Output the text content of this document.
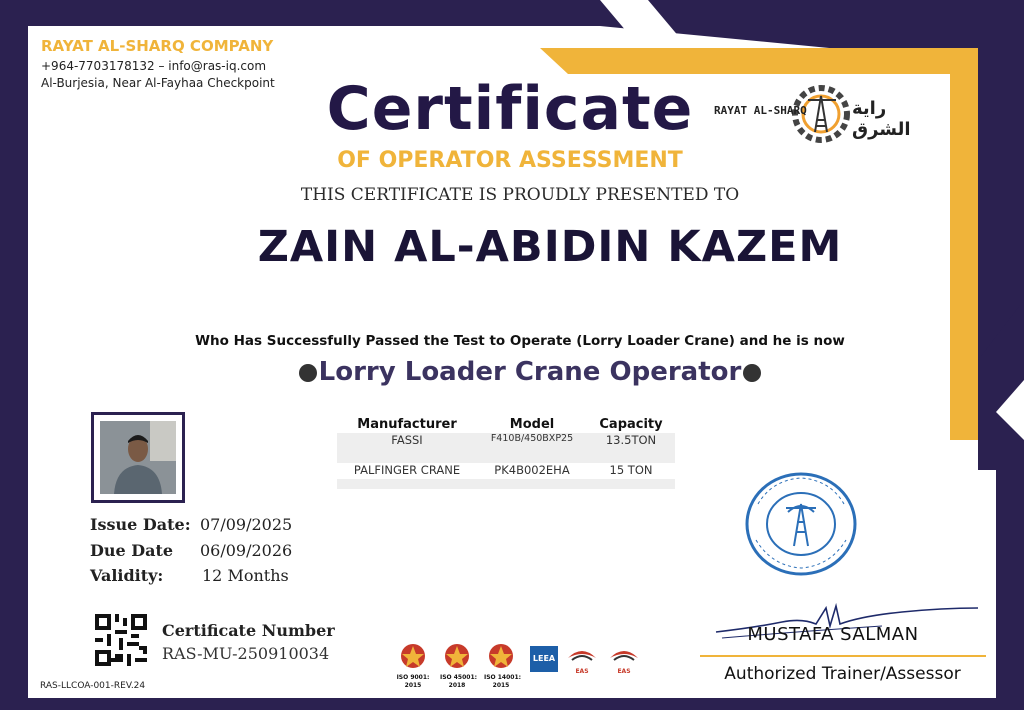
RAYAT AL-SHARQ COMPANY
+964-7703178132 – info@ras-iq.com
Al-Burjesia, Near Al-Fayhaa Checkpoint
RAYAT AL-SHARQ	راية الشرق
Certificate
OF OPERATOR ASSESSMENT
THIS CERTIFICATE IS PROUDLY PRESENTED TO
ZAIN AL-ABIDIN KAZEM
Who Has Successfully Passed the Test to Operate (Lorry Loader Crane) and he is now
Lorry Loader Crane Operator
Issue Date: 07/09/2025
Due Date 06/09/2026
Validity: 12 Months
Manufacturer	Model	Capacity
FASSI	F410B/450BXP25	13.5TON
PALFINGER CRANE	PK4B002EHA	15 TON
Certificate Number
RAS-MU-250910034
RAS-LLCOA-001-REV.24
ISO 9001:
2015
ISO 45001:
2018
ISO 14001:
2015
LEEA
EAS	EAS
MUSTAFA SALMAN
Authorized Trainer/Assessor
